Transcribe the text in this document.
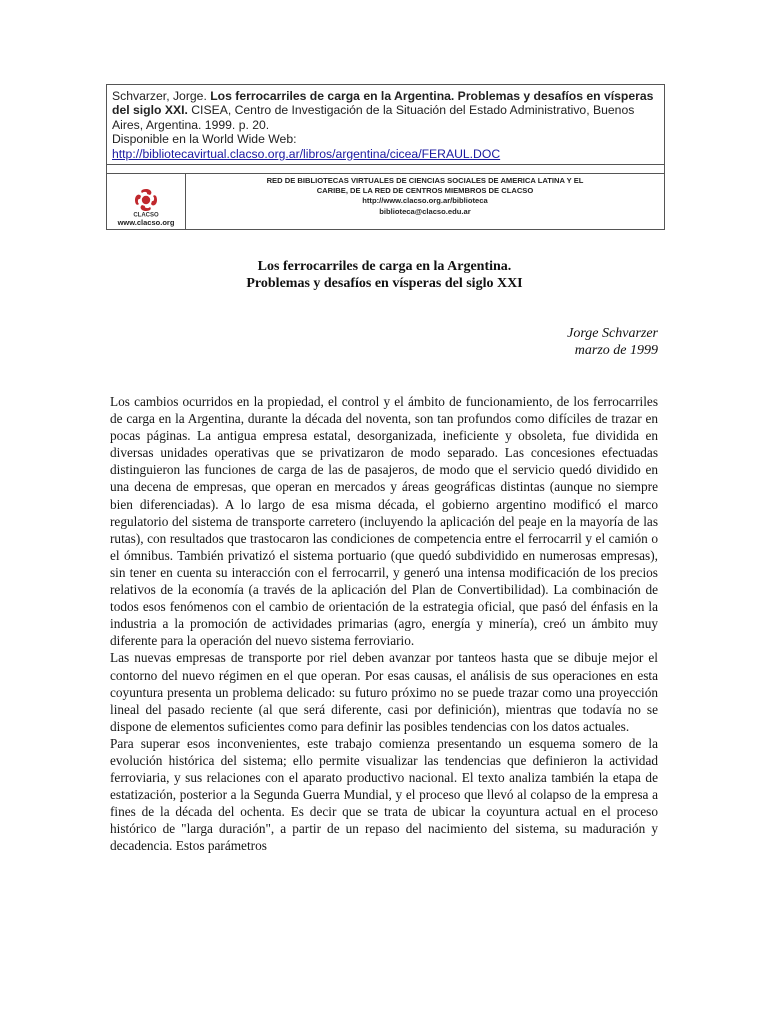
Schvarzer, Jorge. Los ferrocarriles de carga en la Argentina. Problemas y desafíos en vísperas del siglo XXI. CISEA, Centro de Investigación de la Situación del Estado Administrativo, Buenos Aires, Argentina. 1999. p. 20.
Disponible en la World Wide Web:
http://bibliotecavirtual.clacso.org.ar/libros/argentina/cicea/FERAUL.DOC
CLACSO
www.clacso.org
RED DE BIBLIOTECAS VIRTUALES DE CIENCIAS SOCIALES DE AMERICA LATINA Y EL
CARIBE, DE LA RED DE CENTROS MIEMBROS DE CLACSO
http://www.clacso.org.ar/biblioteca
biblioteca@clacso.edu.ar
Los ferrocarriles de carga en la Argentina.
Problemas y desafíos en vísperas del siglo XXI
Jorge Schvarzer
marzo de 1999

Los cambios ocurridos en la propiedad, el control y el ámbito de funcionamiento, de los ferrocarriles de carga en la Argentina, durante la década del noventa, son tan profundos como difíciles de trazar en pocas páginas. La antigua empresa estatal, desorganizada, ineficiente y obsoleta, fue dividida en diversas unidades operativas que se privatizaron de modo separado. Las concesiones efectuadas distinguieron las funciones de carga de las de pasajeros, de modo que el servicio quedó dividido en una decena de empresas, que operan en mercados y áreas geográficas distintas (aunque no siempre bien diferenciadas). A lo largo de esa misma década, el gobierno argentino modificó el marco regulatorio del sistema de transporte carretero (incluyendo la aplicación del peaje en la mayoría de las rutas), con resultados que trastocaron las condiciones de competencia entre el ferrocarril y el camión o el ómnibus. También privatizó el sistema portuario (que quedó subdividido en numerosas empresas), sin tener en cuenta su interacción con el ferrocarril, y generó una intensa modificación de los precios relativos de la economía (a través de la aplicación del Plan de Convertibilidad). La combinación de todos esos fenómenos con el cambio de orientación de la estrategia oficial, que pasó del énfasis en la industria a la promoción de actividades primarias (agro, energía y minería), creó un ámbito muy diferente para la operación del nuevo sistema ferroviario.

Las nuevas empresas de transporte por riel deben avanzar por tanteos hasta que se dibuje mejor el contorno del nuevo régimen en el que operan. Por esas causas, el análisis de sus operaciones en esta coyuntura presenta un problema delicado: su futuro próximo no se puede trazar como una proyección lineal del pasado reciente (al que será diferente, casi por definición), mientras que todavía no se dispone de elementos suficientes como para definir las posibles tendencias con los datos actuales.

Para superar esos inconvenientes, este trabajo comienza presentando un esquema somero de la evolución histórica del sistema; ello permite visualizar las tendencias que definieron la actividad ferroviaria, y sus relaciones con el aparato productivo nacional. El texto analiza también la etapa de estatización, posterior a la Segunda Guerra Mundial, y el proceso que llevó al colapso de la empresa a fines de la década del ochenta. Es decir que se trata de ubicar la coyuntura actual en el proceso histórico de "larga duración", a partir de un repaso del nacimiento del sistema, su maduración y decadencia. Estos parámetros
